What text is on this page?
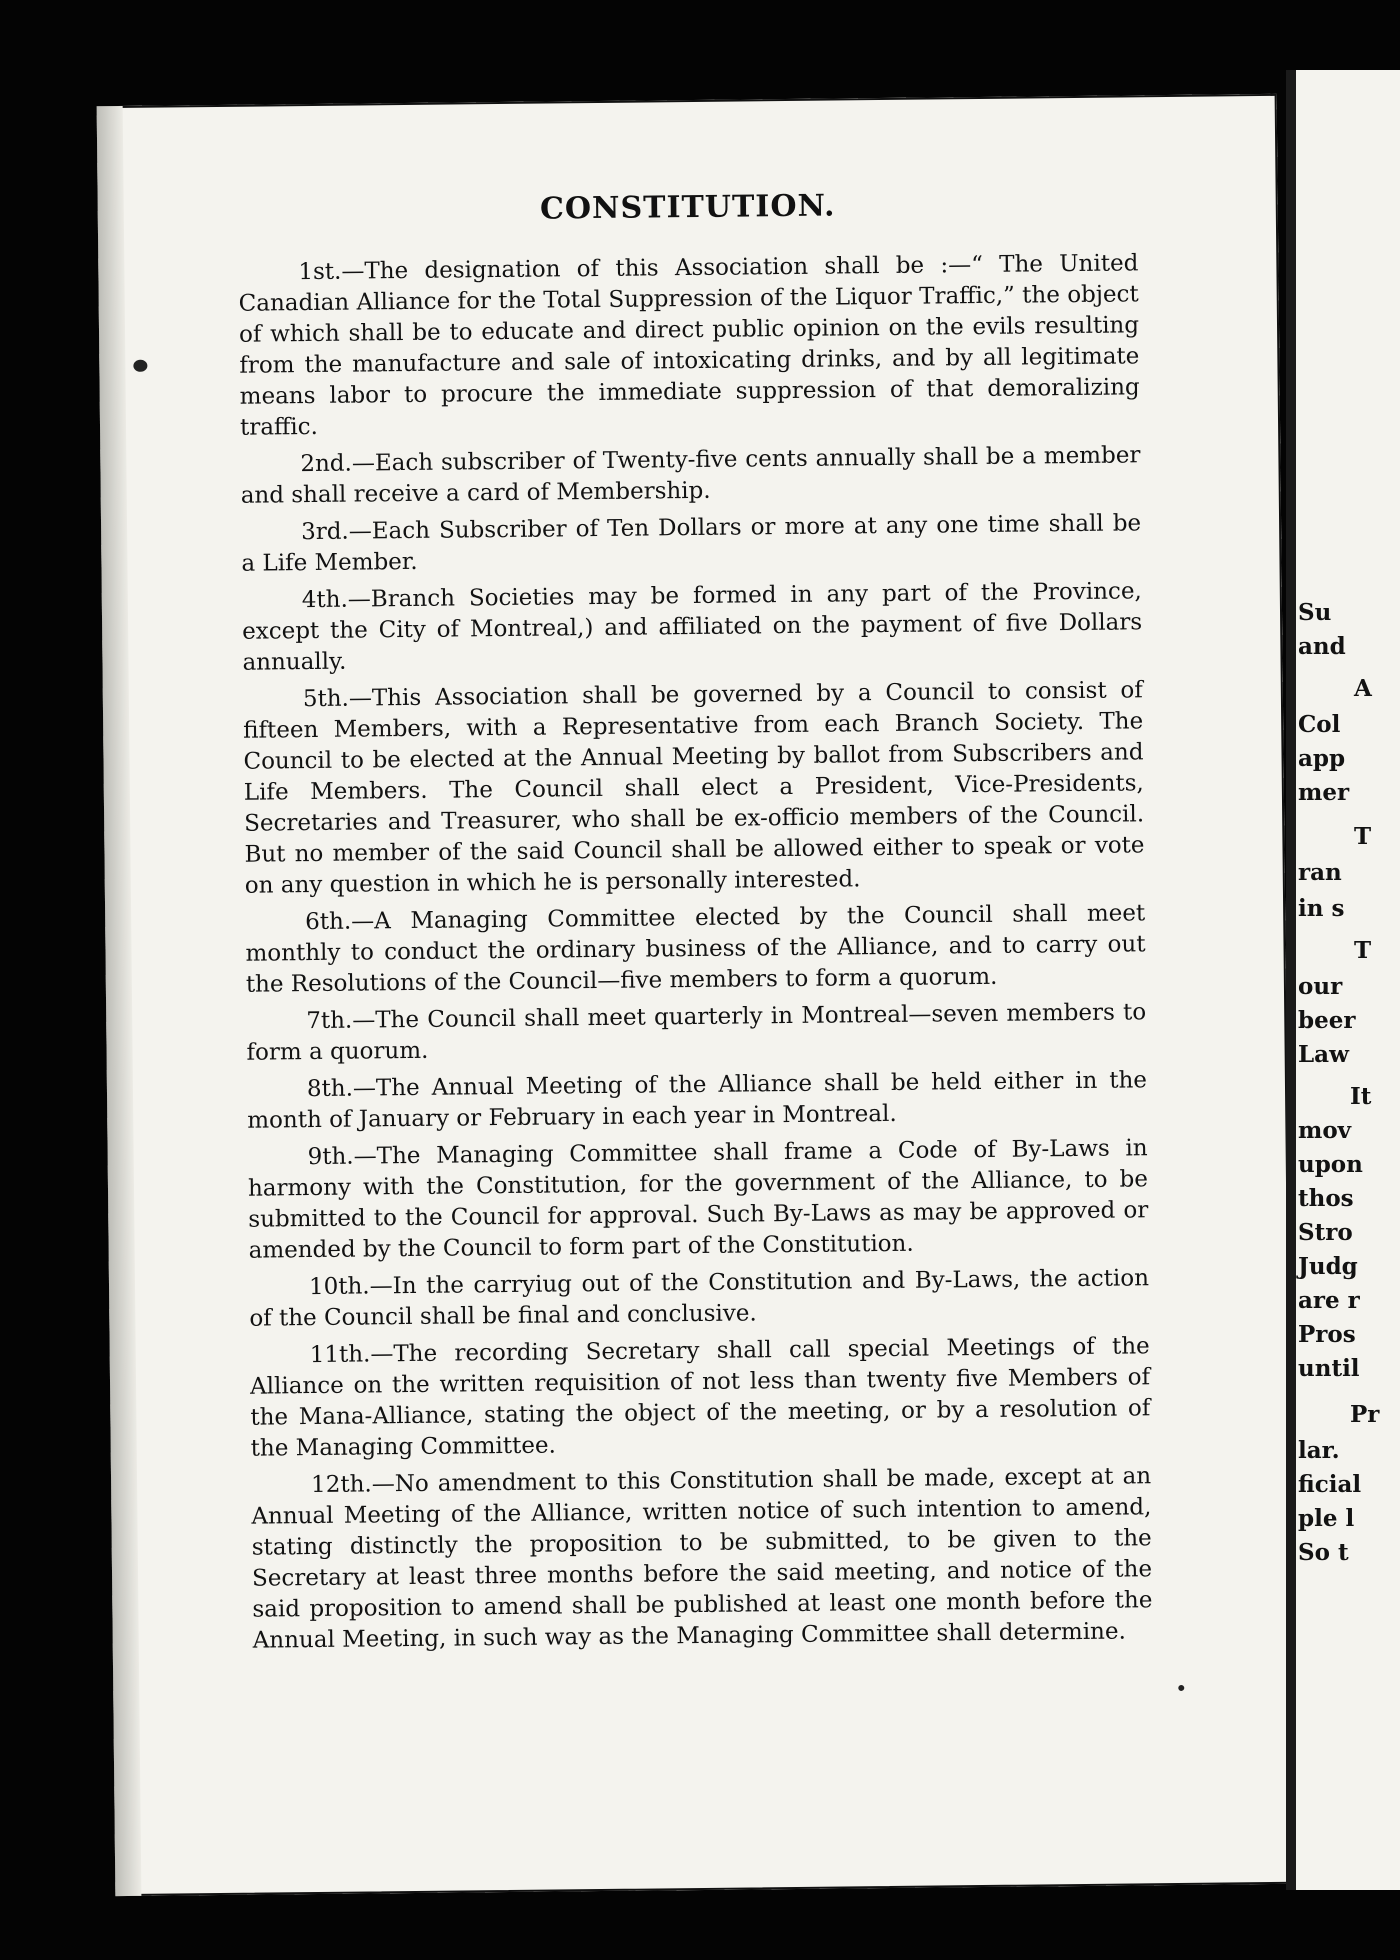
CONSTITUTION.

1st.—The designation of this Association shall be :—“ The United Canadian Alliance for the Total Suppression of the Liquor Traffic,” the object of which shall be to educate and direct public opinion on the evils resulting from the manufacture and sale of intoxicating drinks, and by all legitimate means labor to procure the immediate suppression of that demoralizing traffic.

2nd.—Each subscriber of Twenty-five cents annually shall be a member and shall receive a card of Membership.

3rd.—Each Subscriber of Ten Dollars or more at any one time shall be a Life Member.

4th.—Branch Societies may be formed in any part of the Province, except the City of Montreal,) and affiliated on the payment of five Dollars annually.

5th.—This Association shall be governed by a Council to consist of fifteen Members, with a Representative from each Branch Society. The Council to be elected at the Annual Meeting by ballot from Subscribers and Life Members. The Council shall elect a President, Vice-Presidents, Secretaries and Treasurer, who shall be ex-officio members of the Council. But no member of the said Council shall be allowed either to speak or vote on any question in which he is personally interested.

6th.—A Managing Committee elected by the Council shall meet monthly to conduct the ordinary business of the Alliance, and to carry out the Resolutions of the Council—five members to form a quorum.

7th.—The Council shall meet quarterly in Montreal—seven members to form a quorum.

8th.—The Annual Meeting of the Alliance shall be held either in the month of January or February in each year in Montreal.

9th.—The Managing Committee shall frame a Code of By-Laws in harmony with the Constitution, for the government of the Alliance, to be submitted to the Council for approval. Such By-Laws as may be approved or amended by the Council to form part of the Constitution.

10th.—In the carryiug out of the Constitution and By-Laws, the action of the Council shall be final and conclusive.

11th.—The recording Secretary shall call special Meetings of the Alliance on the written requisition of not less than twenty five Members of the Mana-Alliance, stating the object of the meeting, or by a resolution of the Managing Committee.

12th.—No amendment to this Constitution shall be made, except at an Annual Meeting of the Alliance, written notice of such intention to amend, stating distinctly the proposition to be submitted, to be given to the Secretary at least three months before the said meeting, and notice of the said proposition to amend shall be published at least one month before the Annual Meeting, in such way as the Managing Committee shall determine.

Su
and
A
Col
app
mer
T
ran
in s
T
our
beer
Law
It
mov
upon
thos
Stro
Judg
are r
Pros
until
Pr
lar.
ficial
ple l
So t
